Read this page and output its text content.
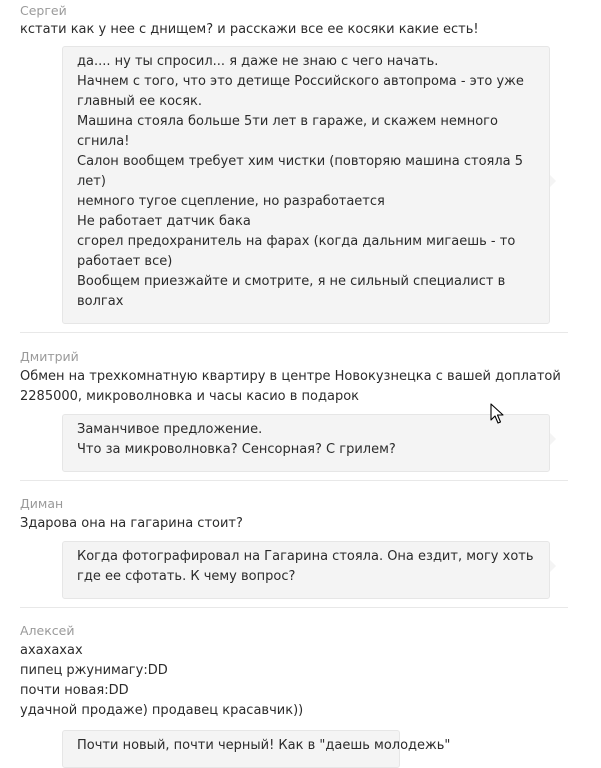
Сергей
кстати как у нее с днищем? и расскажи все ее косяки какие есть!
да.... ну ты спросил... я даже не знаю с чего начать.
Начнем с того, что это детище Российского автопрома - это уже
главный ее косяк.
Машина стояла больше 5ти лет в гараже, и скажем немного
сгнила!
Салон вообщем требует хим чистки (повторяю машина стояла 5
лет)
немного тугое сцепление, но разработается
Не работает датчик бака
сгорел предохранитель на фарах (когда дальним мигаешь - то
работает все)
Вообщем приезжайте и смотрите, я не сильный специалист в
волгах
Дмитрий
Обмен на трехкомнатную квартиру в центре Новокузнецка с вашей доплатой
2285000, микроволновка и часы касио в подарок
Заманчивое предложение.
Что за микроволновка? Сенсорная? С грилем?
Диман
Здарова она на гагарина стоит?
Когда фотографировал на Гагарина стояла. Она ездит, могу хоть
где ее сфотать. К чему вопрос?
Алексей
ахахахах
пипец ржунимагу:DD
почти новая:DD
удачной продаже) продавец красавчик))
Почти новый, почти черный! Как в "даешь молодежь"
